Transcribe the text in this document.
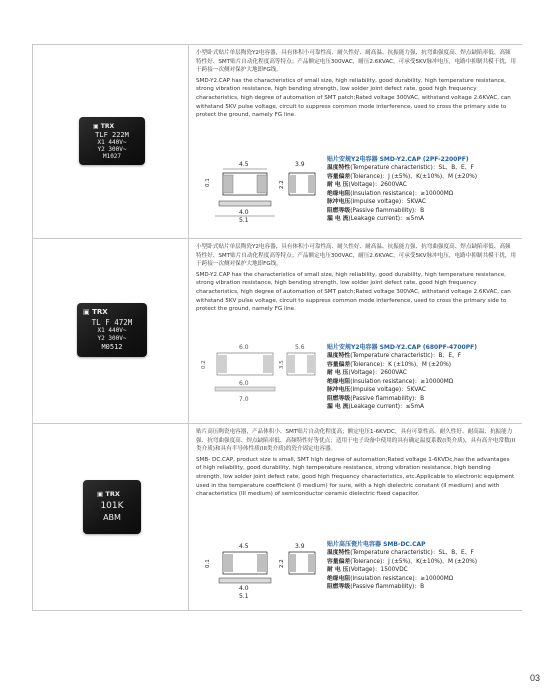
▣ TRX
TLF 222M
X1 440V~
Y2 300V~
M1027
小型卧式贴片单层陶瓷Y2电容器，具有体积小可靠性高、耐久性好、耐高温、抗振能力强、抗弯曲强度高、焊点缺陷率低、高频特性好、SMT贴片自动化程度高等特点；产品额定电压300VAC，耐压2.6KVAC，可承受5KV脉冲电压，电路中抑制共模干扰，用于跨接一次侧对保护大地即FG线。
SMD-Y2.CAP has the characteristics of small size, high reliability, good durability, high temperature resistance, strong vibration resistance, high bending strength, low solder joint defect rate, good high frequency characteristics, high degree of automation of SMT patch;Rated voltage 300VAC, withstand voltage 2.6KVAC, can withstand 5KV pulse voltage, circuit to suppress common mode interference, used to cross the primary side to protect the ground, namely FG line.
4.5
0.1
4.0
5.1
3.9
2.2
贴片安规Y2电容器 SMD-Y2.CAP (2PF-2200PF)
温度特性(Temperature characteristic)：SL、B、E、F
容量偏差(Tolerance)：J (±5%)，K(±10%)，M (±20%)
耐 电 压(Voltage)：2600VAC
绝缘电阻(Insulation resistance)：≥10000MΩ
脉冲电压(Impulse voltage)：5KVAC
阻燃等级(Passive flammability)：B
漏 电 流(Leakage current)：≤5mA
▣ TRX
TL F 472M
X1 440V~
Y2 300V~
M0512
小型卧式贴片单层陶瓷Y2电容器，具有体积小可靠性高、耐久性好、耐高温、抗振能力强、抗弯曲强度高、焊点缺陷率低、高频特性好、SMT贴片自动化程度高等特点；产品额定电压300VAC，耐压2.6KVAC，可承受5KV脉冲电压，电路中抑制共模干扰，用于跨接一次侧对保护大地即FG线。
SMD-Y2.CAP has the characteristics of small size, high reliability, good durability, high temperature resistance, strong vibration resistance, high bending strength, low solder joint defect rate, good high frequency characteristics, high degree of automation of SMT patch;Rated voltage 300VAC, withstand voltage 2.6KVAC, can withstand 5KV pulse voltage, circuit to suppress common mode interference, used to cross the primary side to protect the ground, namely FG line.
6.0
0.2
6.0
7.0
5.6
3.5
贴片安规Y2电容器 SMD-Y2.CAP (680PF-4700PF)
温度特性(Temperature characteristic)：B、E、F
容量偏差(Tolerance)：K (±10%)，M (±20%)
耐 电 压(Voltage)：2600VAC
绝缘电阻(Insulation resistance)：≥10000MΩ
脉冲电压(Impulse voltage)：5KVAC
阻燃等级(Passive flammability)：B
漏 电 流(Leakage current)：≤5mA
▣ TRX
101K
ABM
贴片高压陶瓷电容器，产品体积小、SMT贴片自动化程度高；额定电压1-6KVDC，具有可靠性高、耐久性好、耐高温、抗振能力强、抗弯曲强度高、焊点缺陷率低、高频特性好等优点；适用于电子设备中使用的具有确定温度系数(I类介质)，具有高介电常数(II类介质)和具有半导体性质(III类介质)的瓷介固定电容器。
SMB- DC.CAP, product size is small, SMT high degree of automation;Rated voltage 1-6KVDc,has the advantages of high reliability, good durability, high temperature resistance, strong vibration resistance, high bending strength, low solder joint defect rate, good high frequency characteristics, etc.Applicable to electronic equipment used in the temperature coefficient (I medium) for sure, with a high dielectric constant (II medium) and with characteristics (III medium) of semiconductor ceramic dielectric fixed capacitor.
4.5
0.1
4.0
5.1
3.9
2.2
贴片高压瓷片电容器 SMB-DC.CAP
温度特性(Temperature characteristic)：SL、B、E、F
容量偏差(Tolerance)：J (±5%)，K(±10%)，M (±20%)
耐 电 压(Voltage)：1500VDC
绝缘电阻(Insulation resistance)：≥10000MΩ
阻燃等级(Passive flammability)：B
03
